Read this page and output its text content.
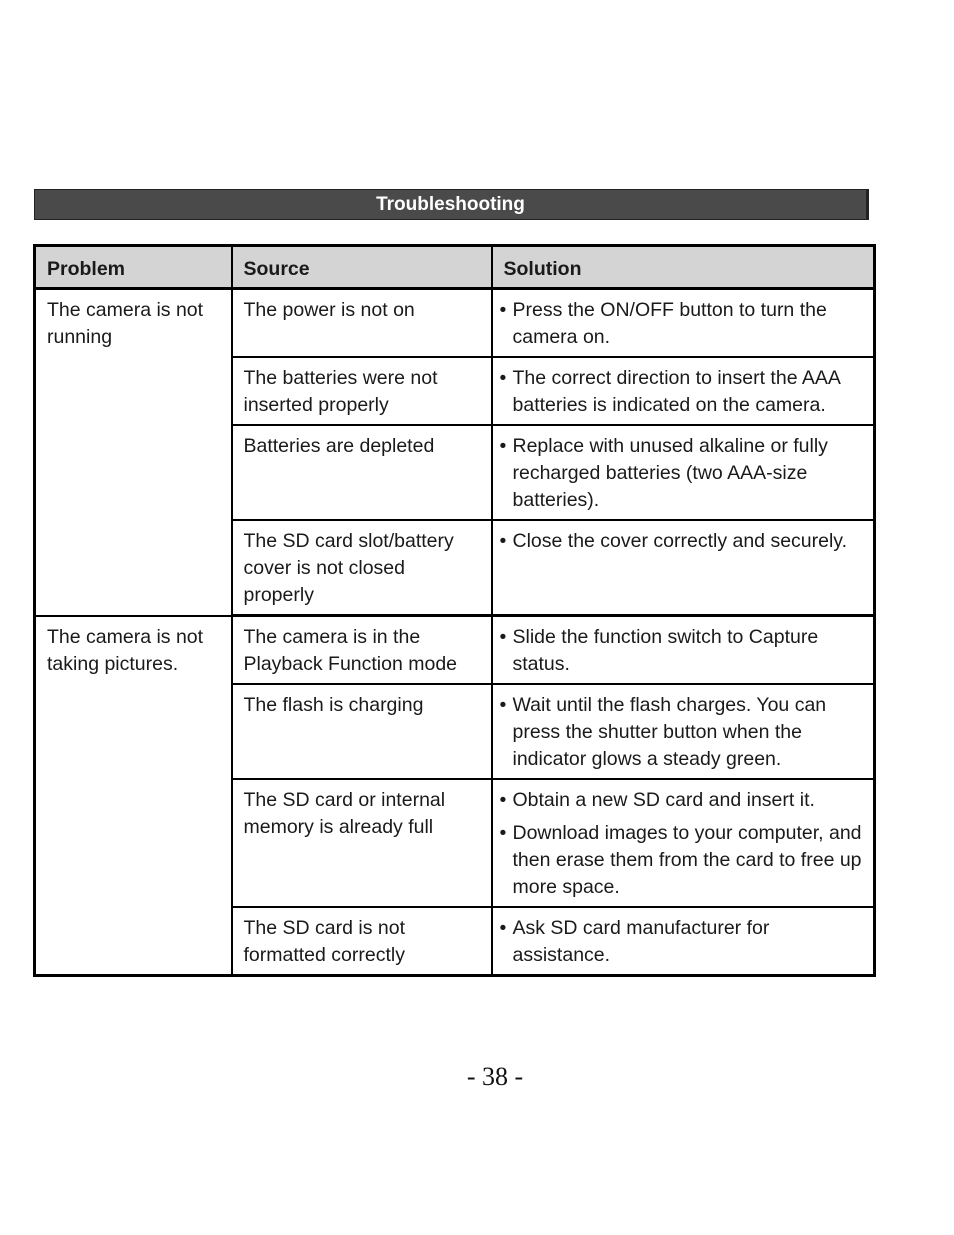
Troubleshooting
Problem	Source	Solution
The camera is not running	The power is not on	• Press the ON/OFF button to turn the camera on.

	The batteries were not inserted properly	• The correct direction to insert the AAA batteries is indicated on the camera.

	Batteries are depleted	• Replace with unused alkaline or fully recharged batteries (two AAA-size batteries).

	The SD card slot/battery cover is not closed properly	• Close the cover correctly and securely.

The camera is not taking pictures.	The camera is in the Playback Function mode	• Slide the function switch to Capture status.

	The flash is charging	• Wait until the flash charges. You can press the shutter button when the indicator glows a steady green.

	The SD card or internal memory is already full	• Obtain a new SD card and insert it.
• Download images to your computer, and then erase them from the card to free up more space.

	The SD card is not formatted correctly	• Ask SD card manufacturer for assistance.
- 38 -
